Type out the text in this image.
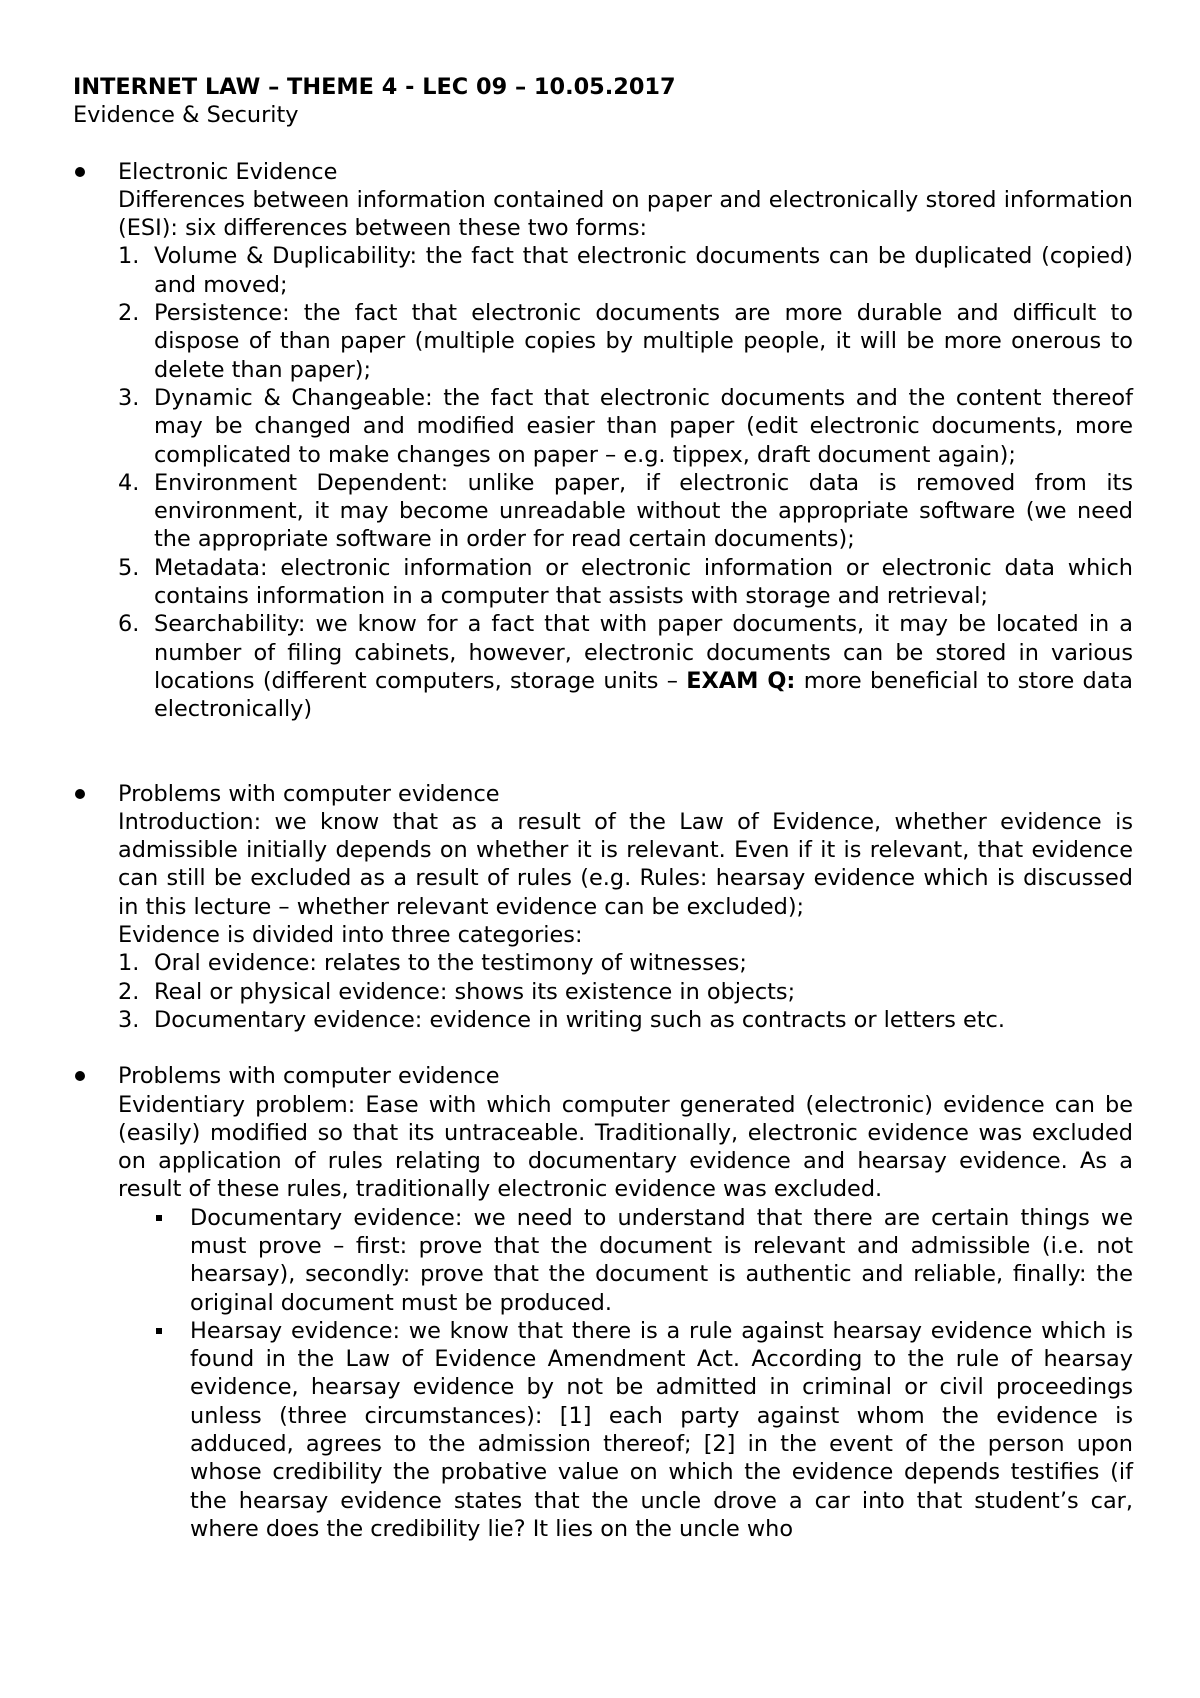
INTERNET LAW – THEME 4 - LEC 09 – 10.05.2017

Evidence & Security

Electronic Evidence
Differences between information contained on paper and electronically stored information (ESI): six differences between these two forms:
1. Volume & Duplicability: the fact that electronic documents can be duplicated (copied) and moved;
2. Persistence: the fact that electronic documents are more durable and difficult to dispose of than paper (multiple copies by multiple people, it will be more onerous to delete than paper);
3. Dynamic & Changeable: the fact that electronic documents and the content thereof may be changed and modified easier than paper (edit electronic documents, more complicated to make changes on paper – e.g. tippex, draft document again);
4. Environment Dependent: unlike paper, if electronic data is removed from its environment, it may become unreadable without the appropriate software (we need the appropriate software in order for read certain documents);
5. Metadata: electronic information or electronic information or electronic data which contains information in a computer that assists with storage and retrieval;
6. Searchability: we know for a fact that with paper documents, it may be located in a number of filing cabinets, however, electronic documents can be stored in various locations (different computers, storage units – EXAM Q: more beneficial to store data electronically)
Problems with computer evidence
Introduction: we know that as a result of the Law of Evidence, whether evidence is admissible initially depends on whether it is relevant. Even if it is relevant, that evidence can still be excluded as a result of rules (e.g. Rules: hearsay evidence which is discussed in this lecture – whether relevant evidence can be excluded);
Evidence is divided into three categories:
1. Oral evidence: relates to the testimony of witnesses;
2. Real or physical evidence: shows its existence in objects;
3. Documentary evidence: evidence in writing such as contracts or letters etc.
Problems with computer evidence
Evidentiary problem: Ease with which computer generated (electronic) evidence can be (easily) modified so that its untraceable. Traditionally, electronic evidence was excluded on application of rules relating to documentary evidence and hearsay evidence. As a result of these rules, traditionally electronic evidence was excluded.
Documentary evidence: we need to understand that there are certain things we must prove – first: prove that the document is relevant and admissible (i.e. not hearsay), secondly: prove that the document is authentic and reliable, finally: the original document must be produced.
Hearsay evidence: we know that there is a rule against hearsay evidence which is found in the Law of Evidence Amendment Act. According to the rule of hearsay evidence, hearsay evidence by not be admitted in criminal or civil proceedings unless (three circumstances): [1] each party against whom the evidence is adduced, agrees to the admission thereof; [2] in the event of the person upon whose credibility the probative value on which the evidence depends testifies (if the hearsay evidence states that the uncle drove a car into that student’s car, where does the credibility lie? It lies on the uncle who
